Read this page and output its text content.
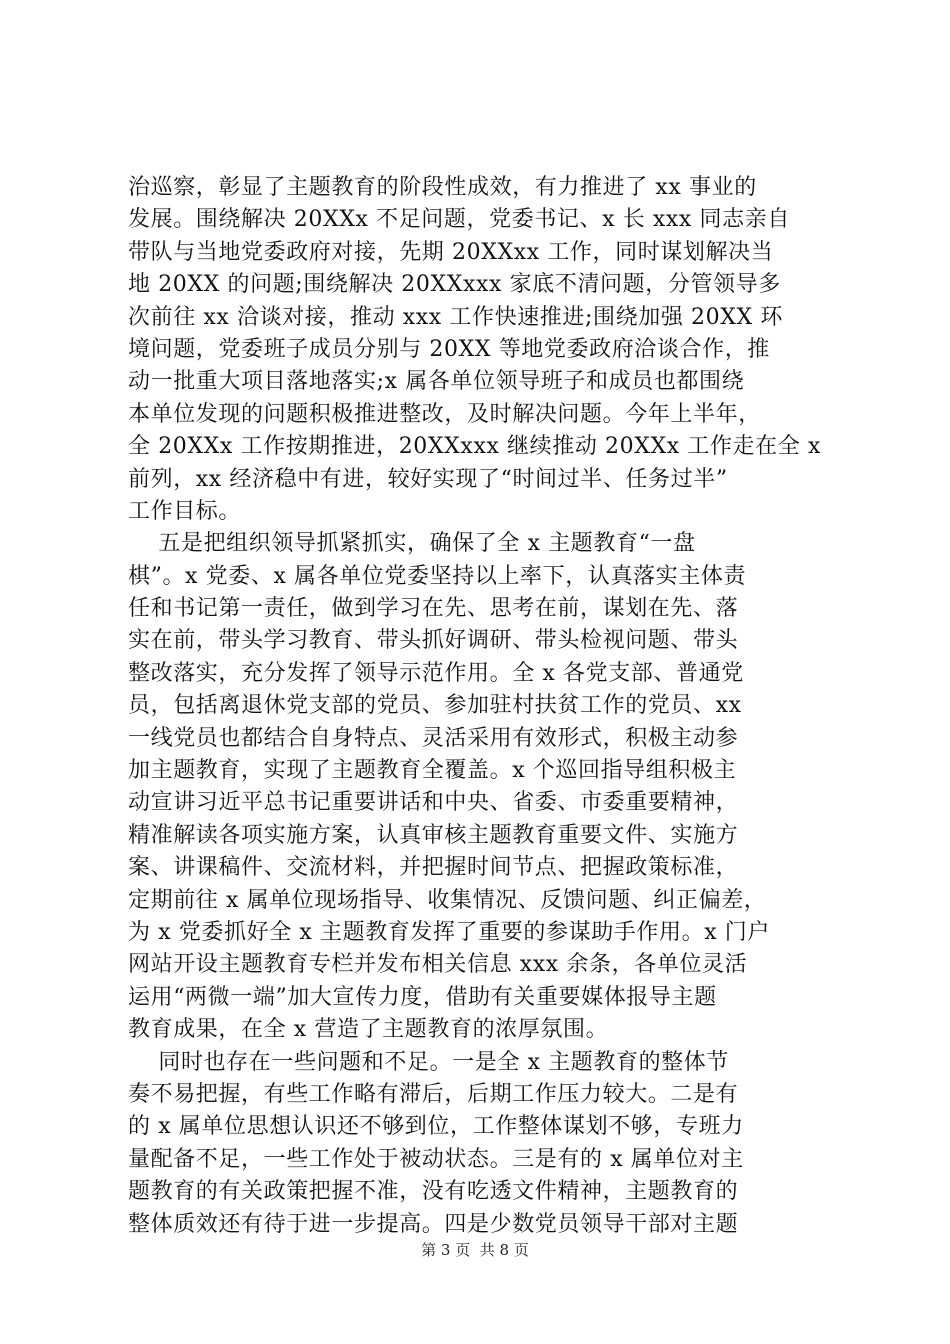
治巡察，彰显了主题教育的阶段性成效，有力推进了 xx 事业的
发展。围绕解决 20XXx 不足问题，党委书记、x 长 xxx 同志亲自
带队与当地党委政府对接，先期 20XXxx 工作，同时谋划解决当
地 20XX 的问题;围绕解决 20XXxxx 家底不清问题，分管领导多
次前往 xx 洽谈对接，推动 xxx 工作快速推进;围绕加强 20XX 环
境问题，党委班子成员分别与 20XX 等地党委政府洽谈合作，推
动一批重大项目落地落实;x 属各单位领导班子和成员也都围绕
本单位发现的问题积极推进整改，及时解决问题。今年上半年，
全 20XXx 工作按期推进，20XXxxx 继续推动 20XXx 工作走在全 x
前列，xx 经济稳中有进，较好实现了“时间过半、任务过半”
工作目标。
五是把组织领导抓紧抓实，确保了全 x 主题教育“一盘
棋”。x 党委、x 属各单位党委坚持以上率下，认真落实主体责
任和书记第一责任，做到学习在先、思考在前，谋划在先、落
实在前，带头学习教育、带头抓好调研、带头检视问题、带头
整改落实，充分发挥了领导示范作用。全 x 各党支部、普通党
员，包括离退休党支部的党员、参加驻村扶贫工作的党员、xx
一线党员也都结合自身特点、灵活采用有效形式，积极主动参
加主题教育，实现了主题教育全覆盖。x 个巡回指导组积极主
动宣讲习近平总书记重要讲话和中央、省委、市委重要精神，
精准解读各项实施方案，认真审核主题教育重要文件、实施方
案、讲课稿件、交流材料，并把握时间节点、把握政策标准，
定期前往 x 属单位现场指导、收集情况、反馈问题、纠正偏差，
为 x 党委抓好全 x 主题教育发挥了重要的参谋助手作用。x 门户
网站开设主题教育专栏并发布相关信息 xxx 余条，各单位灵活
运用“两微一端”加大宣传力度，借助有关重要媒体报导主题
教育成果，在全 x 营造了主题教育的浓厚氛围。
同时也存在一些问题和不足。一是全 x 主题教育的整体节
奏不易把握，有些工作略有滞后，后期工作压力较大。二是有
的 x 属单位思想认识还不够到位，工作整体谋划不够，专班力
量配备不足，一些工作处于被动状态。三是有的 x 属单位对主
题教育的有关政策把握不准，没有吃透文件精神，主题教育的
整体质效还有待于进一步提高。四是少数党员领导干部对主题
第 3 页  共 8 页
